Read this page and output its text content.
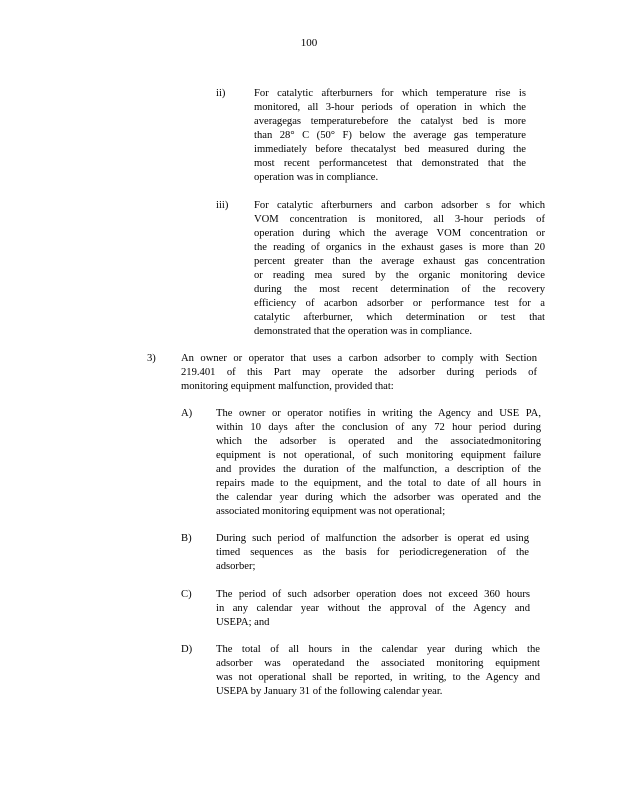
100
ii)	For catalytic afterburners for which temperature rise is
monitored, all 3-hour periods of operation in which the
averagegas temperaturebefore the catalyst bed is more
than 28° C (50° F) below the average gas temperature
immediately before thecatalyst bed measured during the
most recent performancetest that demonstrated that the
operation was in compliance.
iii) For catalytic afterburners and carbon adsorber s for which
VOM concentration is monitored, all 3-hour periods of
operation during which the average VOM concentration or
the reading of organics in the exhaust gases is more than 20
percent greater than the average exhaust gas concentration
or reading mea sured by the organic monitoring device
during the most recent determination of the recovery
efficiency of acarbon adsorber or performance test for a
catalytic afterburner, which determination or test that
demonstrated that the operation was in compliance.
3) An owner or operator that uses a carbon adsorber to comply with Section
219.401 of this Part may operate the adsorber during periods of
monitoring equipment malfunction, provided that:
A) The owner or operator notifies in writing the Agency and USE PA,
within 10 days after the conclusion of any 72 hour period during
which the adsorber is operated and the associatedmonitoring
equipment is not operational, of such monitoring equipment failure
and provides the duration of the malfunction, a description of the
repairs made to the equipment, and the total to date of all hours in
the calendar year during which the adsorber was operated and the
associated monitoring equipment was not operational;
B) During such period of malfunction the adsorber is operat ed using
timed sequences as the basis for periodicregeneration of the
adsorber;
C) The period of such adsorber operation does not exceed 360 hours
in any calendar year without the approval of the Agency and
USEPA; and
D) The total of all hours in the calendar year during which the
adsorber was operatedand the associated monitoring equipment
was not operational shall be reported, in writing, to the Agency and
USEPA by January 31 of the following calendar year.
